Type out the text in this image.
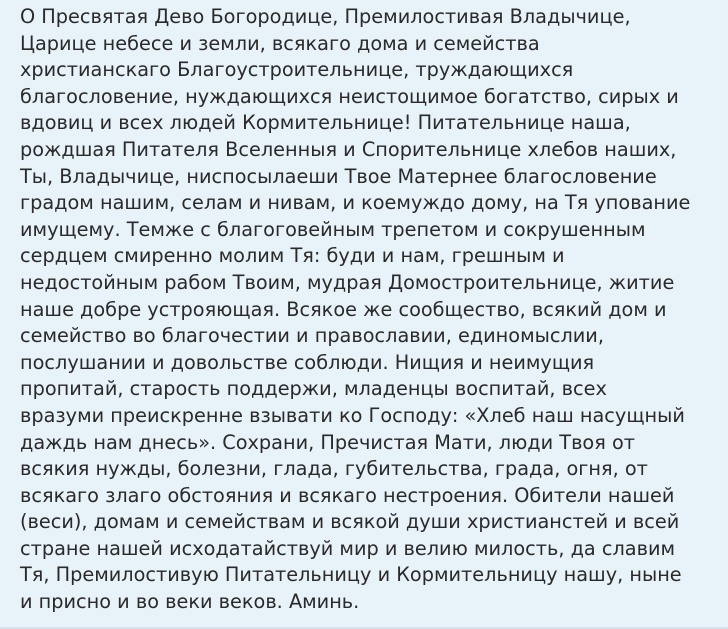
О Пресвятая Дево Богородице, Премилостивая Владычице,
Царице небесе и земли, всякаго дома и семейства
христианскаго Благоустроительнице, труждающихся
благословение, нуждающихся неистощимое богатство, сирых и
вдовиц и всех людей Кормительнице! Питательнице наша,
рождшая Питателя Вселенныя и Спорительнице хлебов наших,
Ты, Владычице, ниспосылаеши Твое Матернее благословение
градом нашим, селам и нивам, и коемуждо дому, на Тя упование
имущему. Темже с благоговейным трепетом и сокрушенным
сердцем смиренно молим Тя: буди и нам, грешным и
недостойным рабом Твоим, мудрая Домостроительнице, житие
наше добре устрояющая. Всякое же сообщество, всякий дом и
семейство во благочестии и православии, единомыслии,
послушании и довольстве соблюди. Нищия и неимущия
пропитай, старость поддержи, младенцы воспитай, всех
вразуми преискренне взывати ко Господу: «Хлеб наш насущный
даждь нам днесь». Сохрани, Пречистая Мати, люди Твоя от
всякия нужды, болезни, глада, губительства, града, огня, от
всякаго злаго обстояния и всякаго нестроения. Обители нашей
(веси), домам и семействам и всякой души христианстей и всей
стране нашей исходатайствуй мир и велию милость, да славим
Тя, Премилостивую Питательницу и Кормительницу нашу, ныне
и присно и во веки веков. Аминь.
